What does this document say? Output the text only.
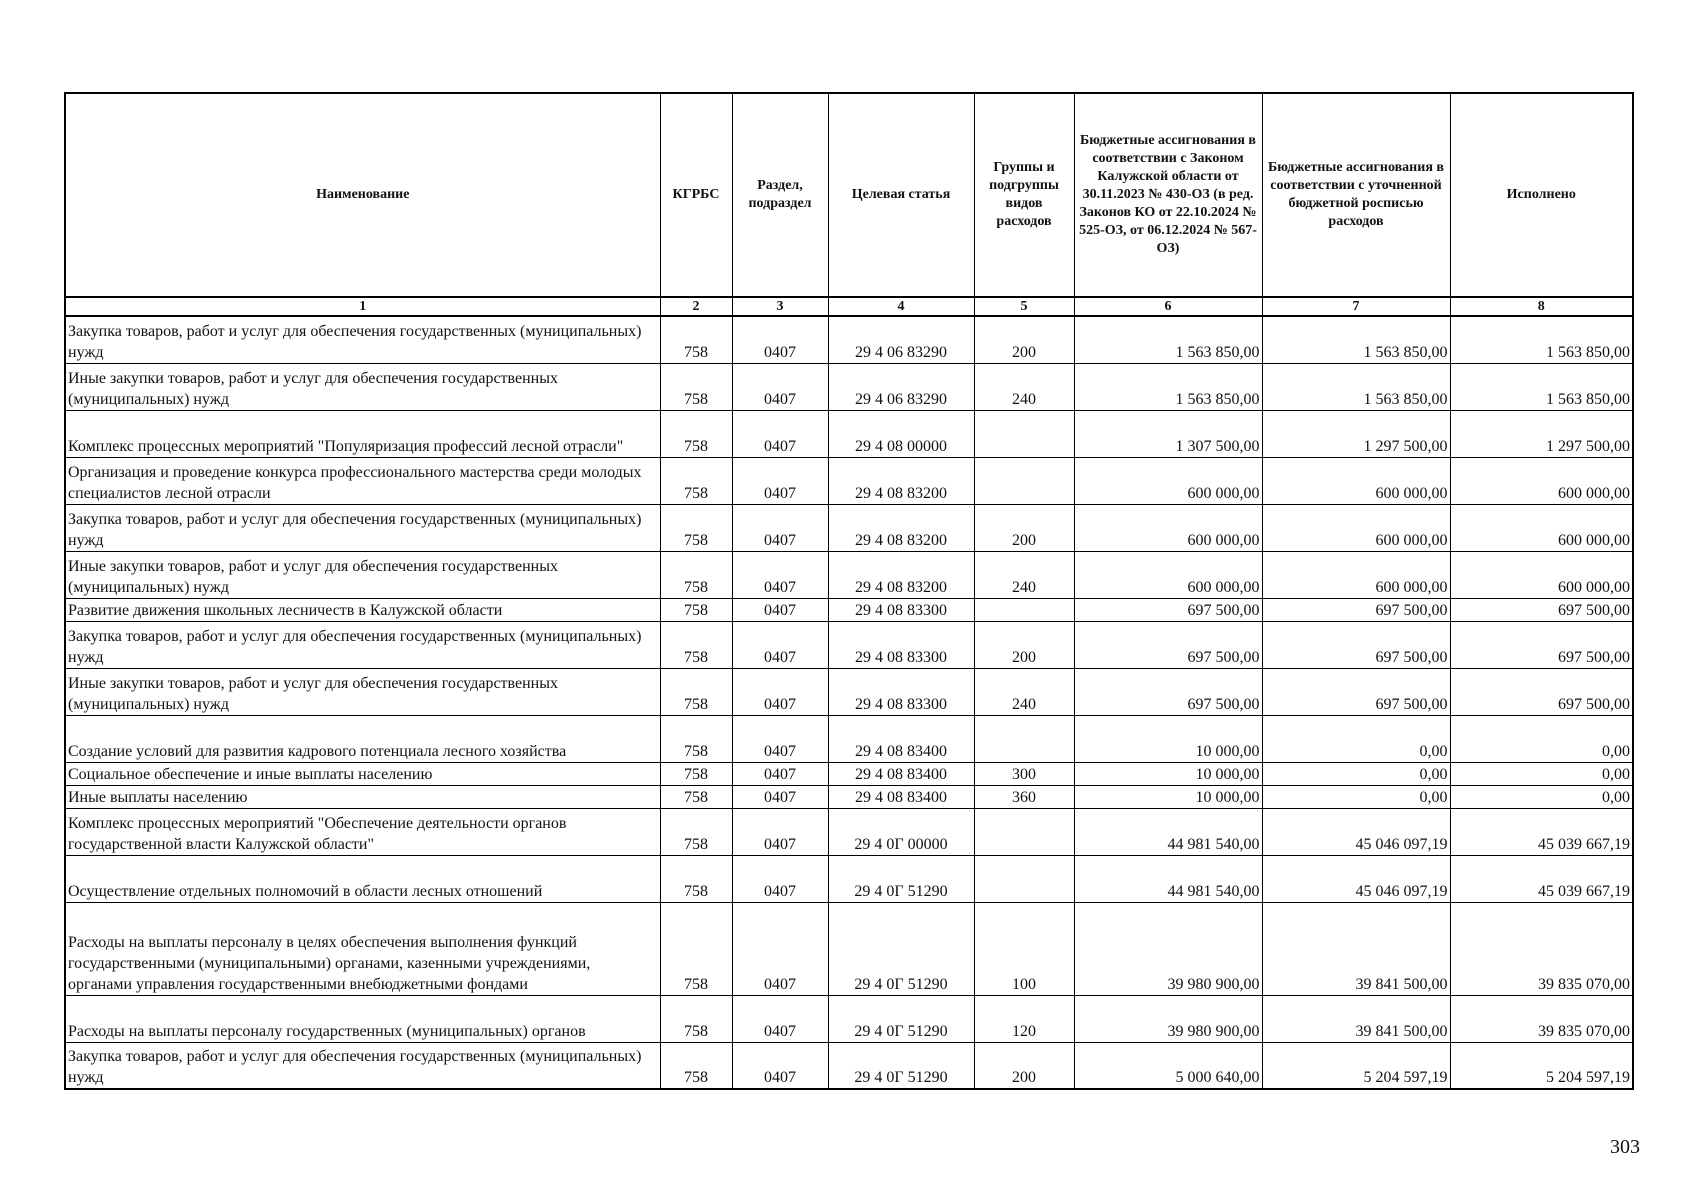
Наименование	КГРБС	Раздел, подраздел	Целевая статья	Группы и подгруппы видов расходов	Бюджетные ассигнования в соответствии с Законом Калужской области от 30.11.2023 № 430-ОЗ (в ред. Законов КО от 22.10.2024 № 525-ОЗ, от 06.12.2024 № 567-ОЗ)	Бюджетные ассигнования в соответствии с уточненной бюджетной росписью расходов	Исполнено
1	2	3	4	5	6	7	8
Закупка товаров, работ и услуг для обеспечения государственных (муниципальных) нужд	758	0407	29 4 06 83290	200	1 563 850,00	1 563 850,00	1 563 850,00
Иные закупки товаров, работ и услуг для обеспечения государственных (муниципальных) нужд	758	0407	29 4 06 83290	240	1 563 850,00	1 563 850,00	1 563 850,00
Комплекс процессных мероприятий "Популяризация профессий лесной отрасли"	758	0407	29 4 08 00000		1 307 500,00	1 297 500,00	1 297 500,00
Организация и проведение конкурса профессионального мастерства среди молодых специалистов лесной отрасли	758	0407	29 4 08 83200		600 000,00	600 000,00	600 000,00
Закупка товаров, работ и услуг для обеспечения государственных (муниципальных) нужд	758	0407	29 4 08 83200	200	600 000,00	600 000,00	600 000,00
Иные закупки товаров, работ и услуг для обеспечения государственных (муниципальных) нужд	758	0407	29 4 08 83200	240	600 000,00	600 000,00	600 000,00
Развитие движения школьных лесничеств в Калужской области	758	0407	29 4 08 83300		697 500,00	697 500,00	697 500,00
Закупка товаров, работ и услуг для обеспечения государственных (муниципальных) нужд	758	0407	29 4 08 83300	200	697 500,00	697 500,00	697 500,00
Иные закупки товаров, работ и услуг для обеспечения государственных (муниципальных) нужд	758	0407	29 4 08 83300	240	697 500,00	697 500,00	697 500,00
Создание условий для развития кадрового потенциала лесного хозяйства	758	0407	29 4 08 83400		10 000,00	0,00	0,00
Социальное обеспечение и иные выплаты населению	758	0407	29 4 08 83400	300	10 000,00	0,00	0,00
Иные выплаты населению	758	0407	29 4 08 83400	360	10 000,00	0,00	0,00
Комплекс процессных мероприятий "Обеспечение деятельности органов государственной власти Калужской области"	758	0407	29 4 0Г 00000		44 981 540,00	45 046 097,19	45 039 667,19
Осуществление отдельных полномочий в области лесных отношений	758	0407	29 4 0Г 51290		44 981 540,00	45 046 097,19	45 039 667,19
Расходы на выплаты персоналу в целях обеспечения выполнения функций государственными (муниципальными) органами, казенными учреждениями, органами управления государственными внебюджетными фондами	758	0407	29 4 0Г 51290	100	39 980 900,00	39 841 500,00	39 835 070,00
Расходы на выплаты персоналу государственных (муниципальных) органов	758	0407	29 4 0Г 51290	120	39 980 900,00	39 841 500,00	39 835 070,00
Закупка товаров, работ и услуг для обеспечения государственных (муниципальных) нужд	758	0407	29 4 0Г 51290	200	5 000 640,00	5 204 597,19	5 204 597,19
303
